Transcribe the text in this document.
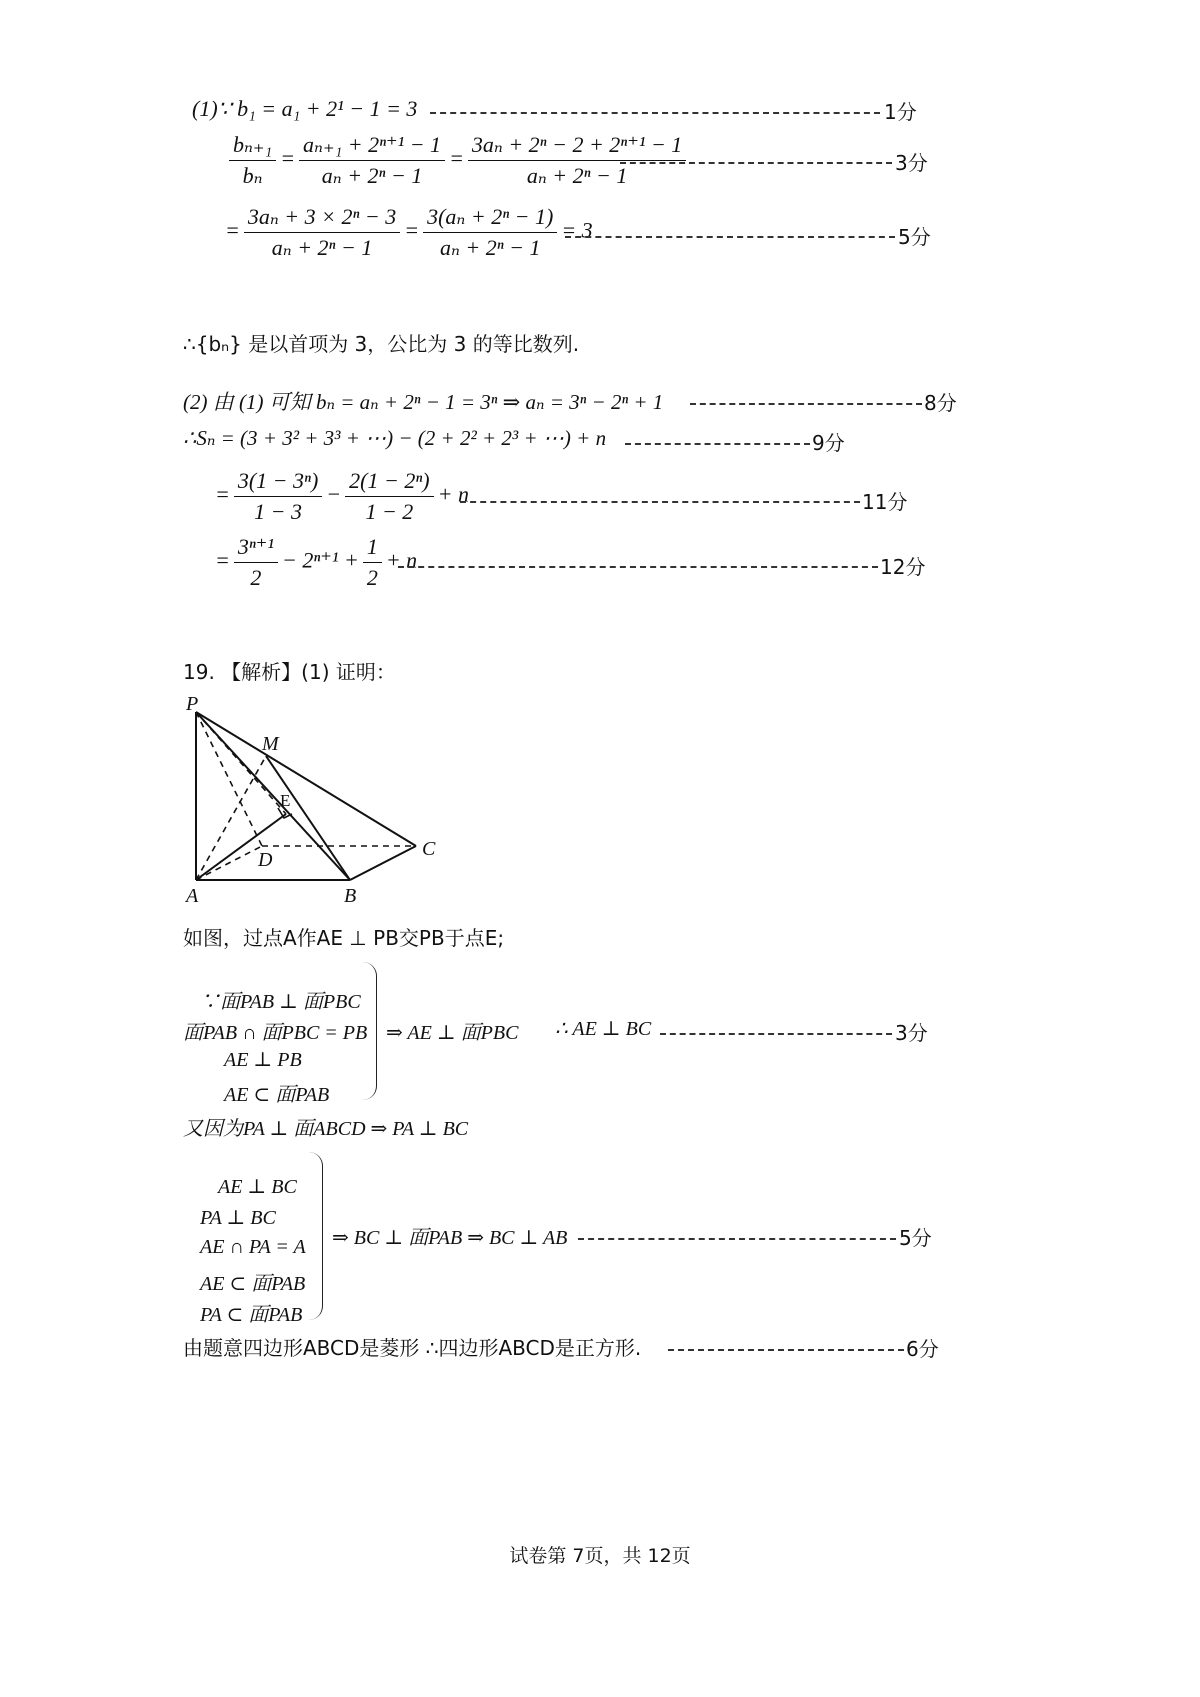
(1)∵ b₁ = a₁ + 2¹ − 1 = 3	1分
$\frac{\text{bₙ₊₁}}{\text{bₙ}} = \frac{\text{aₙ₊₁ + 2ⁿ⁺¹ − 1}}{\text{aₙ + 2ⁿ − 1}} = \frac{\text{3aₙ + 2ⁿ − 2 + 2ⁿ⁺¹ − 1}}{\text{aₙ + 2ⁿ − 1}}$	3分
= $\frac{\text{3aₙ + 3 × 2ⁿ − 3}}{\text{aₙ + 2ⁿ − 1}} = \frac{\text{3(aₙ + 2ⁿ − 1)}}{\text{aₙ + 2ⁿ − 1}} = 3$	5分
∴{bₙ} 是以首项为 3，公比为 3 的等比数列.
(2) 由 (1) 可知 bₙ = aₙ + 2ⁿ − 1 = 3ⁿ ⇒ aₙ = 3ⁿ − 2ⁿ + 1	8分
∴Sₙ = (3 + 3² + 3³ + ⋯) − (2 + 2² + 2³ + ⋯) + n	9分
= $\frac{\text{3(1 − 3ⁿ)}}{1 - 3} - \frac{\text{2(1 − 2ⁿ)}}{1 - 2} + n$	11分
= $\frac{\text{3ⁿ⁺¹}}{2} - 2^{n+1} + \frac{1}{2} + n$	12分
19. 【解析】(1) 证明：
P
M
E
C
D
A	B
如图，过点A作AE ⊥ PB交PB于点E;
∵面PAB ⊥ 面PBC
面PAB ∩ 面PBC = PB
AE ⊥ PB
AE ⊂ 面PAB
⇒ AE ⊥ 面PBC ∴ AE ⊥ BC	3分
又因为PA ⊥ 面ABCD ⇒ PA ⊥ BC
AE ⊥ BC
PA ⊥ BC
AE ∩ PA = A
AE ⊂ 面PAB
PA ⊂ 面PAB
⇒ BC ⊥ 面PAB ⇒ BC ⊥ AB	5分
由题意四边形ABCD是菱形 ∴四边形ABCD是正方形.	6分
试卷第 7页，共 12页
